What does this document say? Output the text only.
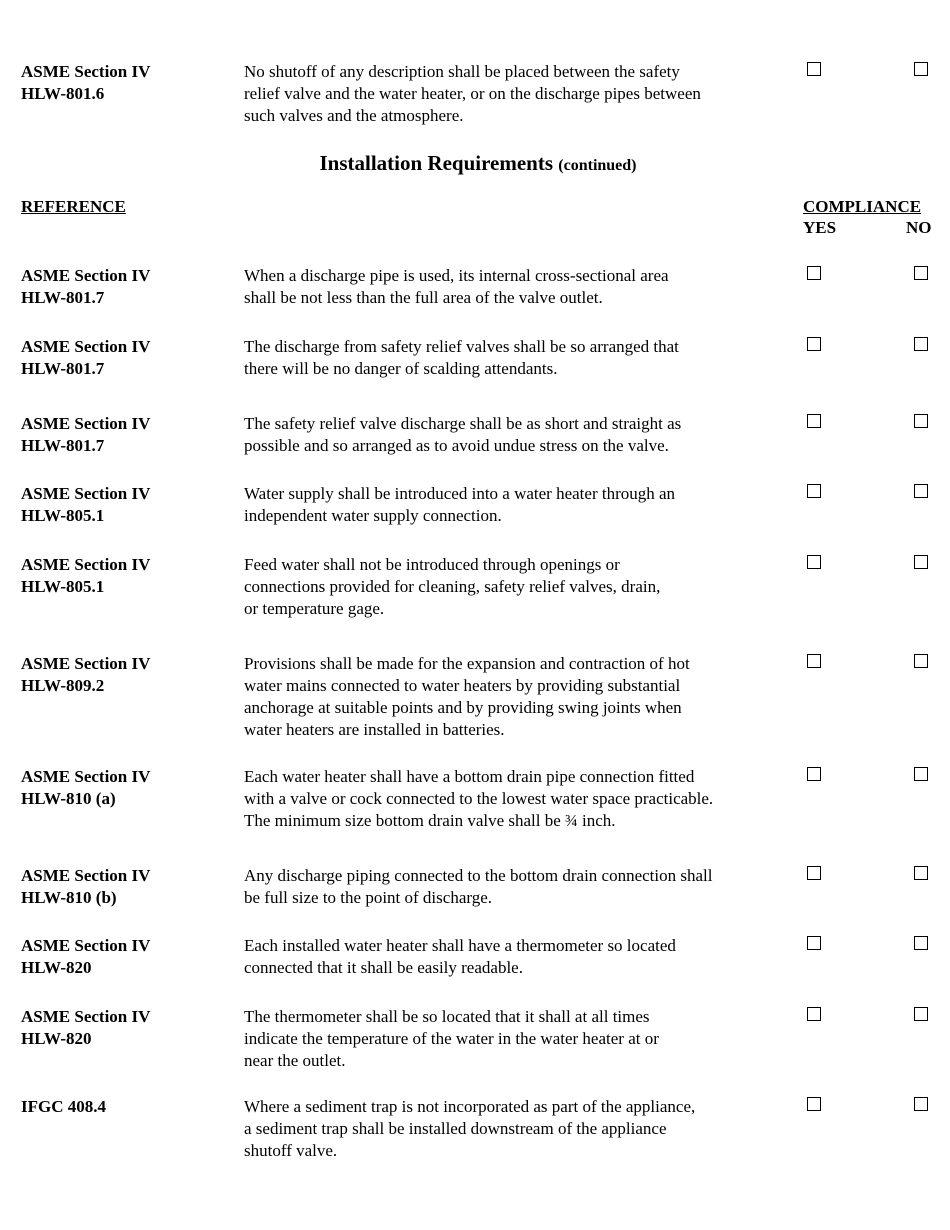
ASME Section IV
HLW-801.6
No shutoff of any description shall be placed between the safety
relief valve and the water heater, or on the discharge pipes between
such valves and the atmosphere.
Installation Requirements (continued)
REFERENCE	COMPLIANCE
YES	NO
ASME Section IV
HLW-801.7
When a discharge pipe is used, its internal cross-sectional area
shall be not less than the full area of the valve outlet.
ASME Section IV
HLW-801.7
The discharge from safety relief valves shall be so arranged that
there will be no danger of scalding attendants.
ASME Section IV
HLW-801.7
The safety relief valve discharge shall be as short and straight as
possible and so arranged as to avoid undue stress on the valve.
ASME Section IV
HLW-805.1
Water supply shall be introduced into a water heater through an
independent water supply connection.
ASME Section IV
HLW-805.1
Feed water shall not be introduced through openings or
connections provided for cleaning, safety relief valves, drain,
or temperature gage.
ASME Section IV
HLW-809.2
Provisions shall be made for the expansion and contraction of hot
water mains connected to water heaters by providing substantial
anchorage at suitable points and by providing swing joints when
water heaters are installed in batteries.
ASME Section IV
HLW-810 (a)
Each water heater shall have a bottom drain pipe connection fitted
with a valve or cock connected to the lowest water space practicable.
The minimum size bottom drain valve shall be ¾ inch.
ASME Section IV
HLW-810 (b)
Any discharge piping connected to the bottom drain connection shall
be full size to the point of discharge.
ASME Section IV
HLW-820
Each installed water heater shall have a thermometer so located
connected that it shall be easily readable.
ASME Section IV
HLW-820
The thermometer shall be so located that it shall at all times
indicate the temperature of the water in the water heater at or
near the outlet.
IFGC 408.4	Where a sediment trap is not incorporated as part of the appliance,
a sediment trap shall be installed downstream of the appliance
shutoff valve.
